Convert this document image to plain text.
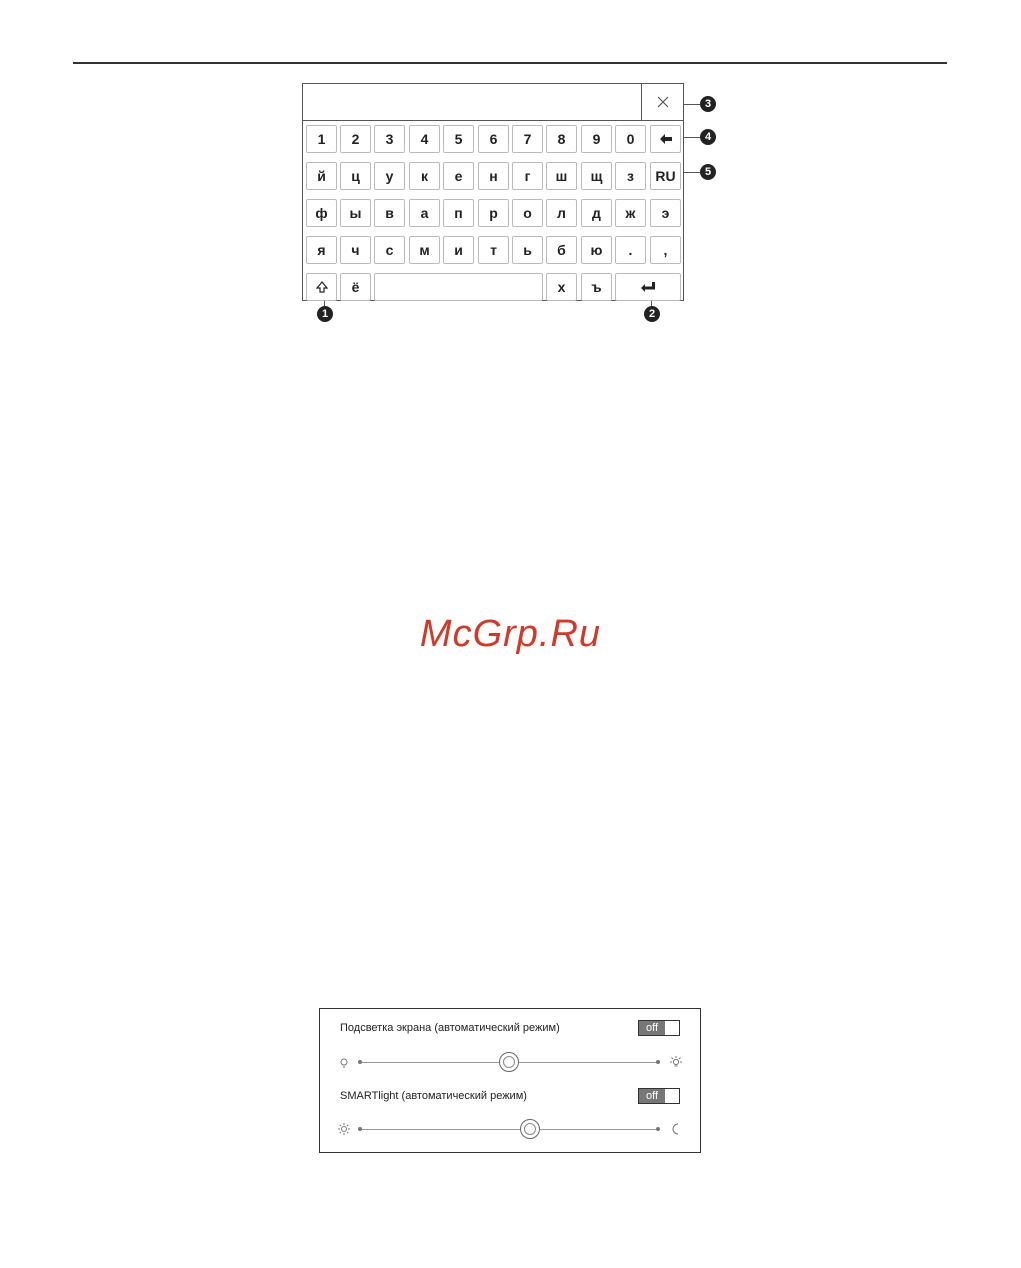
1	2	3	4	5	6	7	8	9	0
й	ц	у	к	е	н	г	ш	щ	з	RU
ф	ы	в	а	п	р	о	л	д	ж	э
я	ч	с	м	и	т	ь	б	ю	.	,
ё	х	ъ
3
4
5
1	2
McGrp.Ru
Подсветка экрана (автоматический режим)	off
SMARTlight (автоматический режим)	off
